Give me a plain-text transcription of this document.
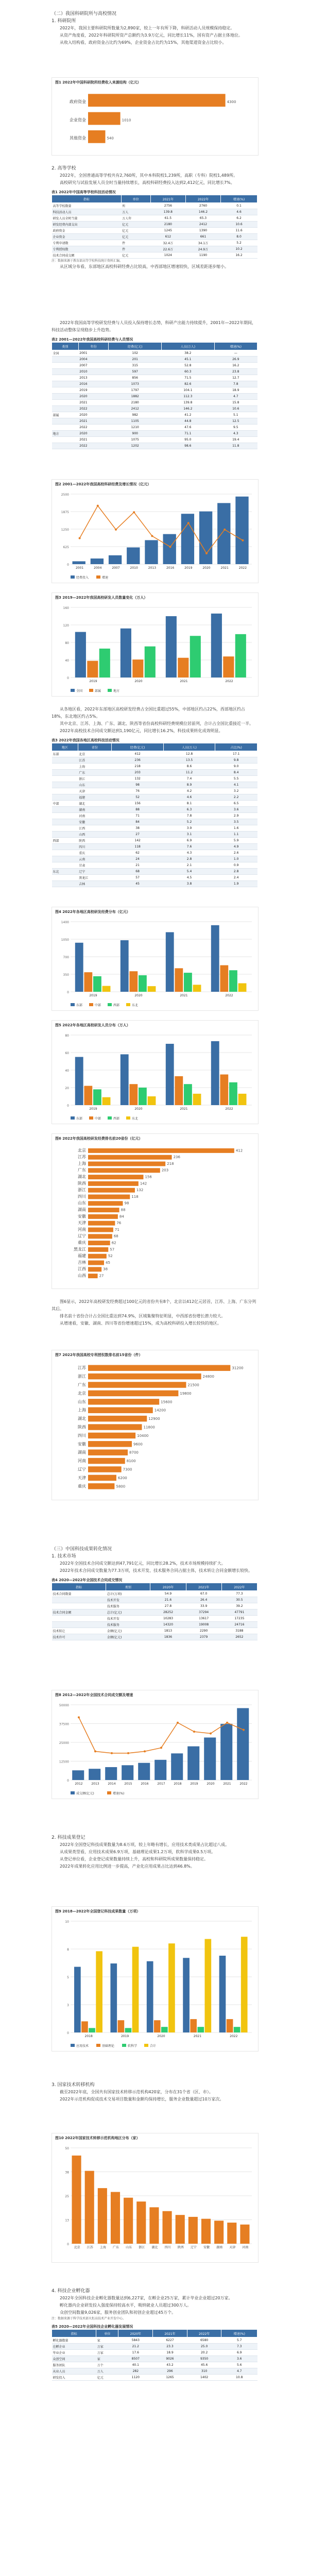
（二）我国科研院所与高校情况
1. 科研院所
2022年，我国主要科研院所数量为2,890家，较上一年有所下降，科研活动人员规模保持稳定。
从资产角度看，2022年科研院所资产总额约为3.9万亿元，同比增长11%，国有资产占据主体地位。
从收入结构看，政府资金占比约为69%，企业资金占比约为15%，其他渠道资金占比较小。
图1 2022年中国科研院所经费收入来源结构（亿元）
政府资金	4300
企业资金	1010
其他资金	540
2. 高等学校
2022年，全国普通高等学校共有2,760所，其中本科院校1,239所，高职（专科）院校1,489所。
高校研究与试验发展人员全时当量持续增长，高校科研经费投入达到2,412亿元，同比增长7%。
表1 2022年中国高等学校科技活动情况
指标	单位	2021年	2022年	增速(%)
高等学校数量	所	2756	2760	0.1
科技活动人员	万人	139.8	146.2	4.6
研发人员全时当量	万人年	61.5	65.3	6.2
研发经费内部支出	亿元	2180	2412	10.6
政府资金	亿元	1245	1390	11.6
企业资金	亿元	612	661	8.0
专利申请数	件	32.4万	34.1万	5.2
专利授权数	件	22.6万	24.9万	10.2
技术合同成交额	亿元	1024	1190	16.2
注：数据来源于教育部高等学校科技统计资料汇编。
从区域分布看，东部地区高校科研经费占比较高，中西部地区增速较快，区域差距逐步缩小。
2022年我国高等学校研发经费与人员投入保持增长态势，科研产出能力持续提升，2001年—2022年期间，科技活动整体呈现稳步上升趋势。
表2 2001—2022年我国高校科研经费与人员情况
类别	年份	经费(亿元)	人员(万人)	增速(%)
全国	2001	102	38.2	—
	2004	201	45.1	26.9
	2007	315	52.8	16.2
	2010	597	60.3	23.8
	2013	856	71.5	12.7
	2016	1073	82.6	7.8
	2019	1797	104.1	18.9
	2020	1882	112.3	4.7
	2021	2180	139.8	15.8
	2022	2412	146.2	10.6
部属	2020	982	41.2	5.1
	2021	1105	44.8	12.5
	2022	1210	47.6	9.5
地方	2020	900	71.1	4.3
	2021	1075	95.0	19.4
	2022	1202	98.6	11.8
图2 2001—2022年我国高校科研经费及增长情况（亿元）
2500
1875
1250
625
0
2001	2004	2007	2010	2013	2016	2019	2020	2021	2022
经费投入	增速
图3 2019—2022年我国高校研发人员数量变化（万人）
160
120
80
40
0
2019	2020	2021	2022
全国	部属	地方
从各地区看，2022年东部地区高校研发经费占全国比重超过55%，中部地区约占22%，西部地区约占18%，东北地区约占5%。
其中北京、江苏、上海、广东、湖北、陕西等省份高校科研经费规模位居前列，合计占全国比重接近一半。
2022年高校技术合同成交额达到1,190亿元，同比增长16.2%，科技成果转化成效明显。
表3 2022年我国各地区高校科技活动情况
地区	省份	经费(亿元)	人员(万人)	占比(%)
东部	北京	412	12.8	17.1
	江苏	236	13.5	9.8
	上海	218	8.6	9.0
	广东	203	11.2	8.4
	浙江	132	7.4	5.5
	山东	98	8.9	4.1
	天津	76	4.2	3.2
	福建	52	4.6	2.2
中部	湖北	156	8.1	6.5
	湖南	88	6.3	3.6
	河南	71	7.8	2.9
	安徽	84	5.2	3.5
	江西	38	3.9	1.6
	山西	27	3.1	1.1
西部	陕西	142	6.9	5.9
	四川	118	7.6	4.9
	重庆	62	4.3	2.6
	云南	24	2.8	1.0
	甘肃	21	2.1	0.9
东北	辽宁	68	5.4	2.8
	黑龙江	57	4.5	2.4
	吉林	45	3.8	1.9
图4 2022年各地区高校研发经费分布（亿元）
1400
1050
700
350
0
2019	2020	2021	2022
东部	中部	西部	东北
图5 2022年各地区高校研发人员分布（万人）
80
60
40
20
0
2019	2020	2021	2022
东部	中部	西部	东北
图6 2022年我国高校研发经费排名前20省份（亿元）
北京	412
江苏	236
上海	218
广东	203
湖北	156
陕西	142
浙江	132
四川	118
山东	98
湖南	88
安徽	84
天津	76
河南	71
辽宁	68
重庆	62
黑龙江	57
福建	52
吉林	45
江西	38
山西	27
图6显示，2022年高校研发经费超过100亿元的省份共有8个，北京以412亿元居首，江苏、上海、广东分列其后。
排名前十省份合计占全国比重达到74.9%，区域集聚特征明显，中西部省份增长潜力较大。
从增速看，安徽、湖南、四川等省份增速超过15%，成为高校科研投入增长较快的地区。
图7 2022年我国高校专利授权数排名前15省份（件）
江苏	31200
浙江	24800
广东	21500
北京	19800
山东	15600
上海	14200
湖北	12900
陕西	11800
四川	10400
安徽	9600
湖南	8700
河南	8100
辽宁	7300
天津	6200
重庆	5800
（三）中国科技成果转化情况
1. 技术市场
2022年全国技术合同成交额达到47,791亿元，同比增长28.2%，技术市场规模持续扩大。
2022年技术合同成交数量为77.3万项，技术开发、技术服务合同占据主体，技术转让合同金额增长较快。
表4 2020—2022年全国技术合同成交情况
指标	类别	2020年	2021年	2022年
技术合同数量	总计(万项)	54.9	67.0	77.3
	技术开发	21.6	26.4	30.5
	技术服务	27.8	33.9	39.2
技术合同金额	总计(亿元)	28252	37294	47791
	技术开发	10283	13617	17235
	技术服务	14320	19008	24716
技术转让	金额(亿元)	1813	2290	3188
技术许可	金额(亿元)	1836	2379	2652
图8 2012—2022年全国技术合同成交额及增速
50000
37500
25000
12500
0
2012	2013	2014	2015	2016	2017	2018	2019	2020	2021	2022
成交额(亿元)	增速(%)
2. 科技成果登记
2022年全国登记科技成果数量为8.6万项，较上年略有增长，应用技术类成果占比超过八成。
从成果类型看，应用技术成果6.9万项，基础理论成果1.2万项，软科学成果0.5万项。
从登记单位看，企业登记成果数量持续上升，高校和科研院所成果数量保持稳定。
2022年成果转化应用比例进一步提高，产业化应用成果占比达到46.8%。
图9 2018—2022年全国登记科技成果数量（万项）
10
8
5
3
0
2018	2019	2020	2021	2022
应用技术	基础理论	软科学	合计
3. 国家技术转移机构
截至2022年底，全国共有国家技术转移示范机构420家，分布在31个省（区、市）。
2022年示范机构促成技术交易项目数量和金额均保持增长，服务企业数量超过10万家次。
图10 2022年国家技术转移示范机构地区分布（家）
50
38
25
13
0
北京 江苏 上海 广东 山东 浙江 湖北 四川 陕西 辽宁 安徽 湖南 天津 河南
4. 科技企业孵化器
2022年全国科技企业孵化器数量达到6,227家，在孵企业25万家，累计毕业企业超过20万家。
孵化器内企业研发投入强度保持较高水平，吸纳就业人员超过300万人。
众创空间数量9,026家，服务创业团队和初创企业超过45万个。
注：数据来源于科学技术部火炬高技术产业开发中心。
表5 2020—2022年全国科技企业孵化器发展情况
指标	单位	2020年	2021年	2022年	增速(%)
孵化器数量	家	5843	6227	6580	5.7
在孵企业	万家	21.2	23.3	25.0	7.3
毕业企业	万家	17.6	18.9	20.2	6.9
众创空间	家	8507	9026	9350	3.6
服务团队	万个	40.1	43.2	45.6	5.6
从业人员	万人	282	296	310	4.7
研发投入	亿元	1120	1265	1402	10.8
